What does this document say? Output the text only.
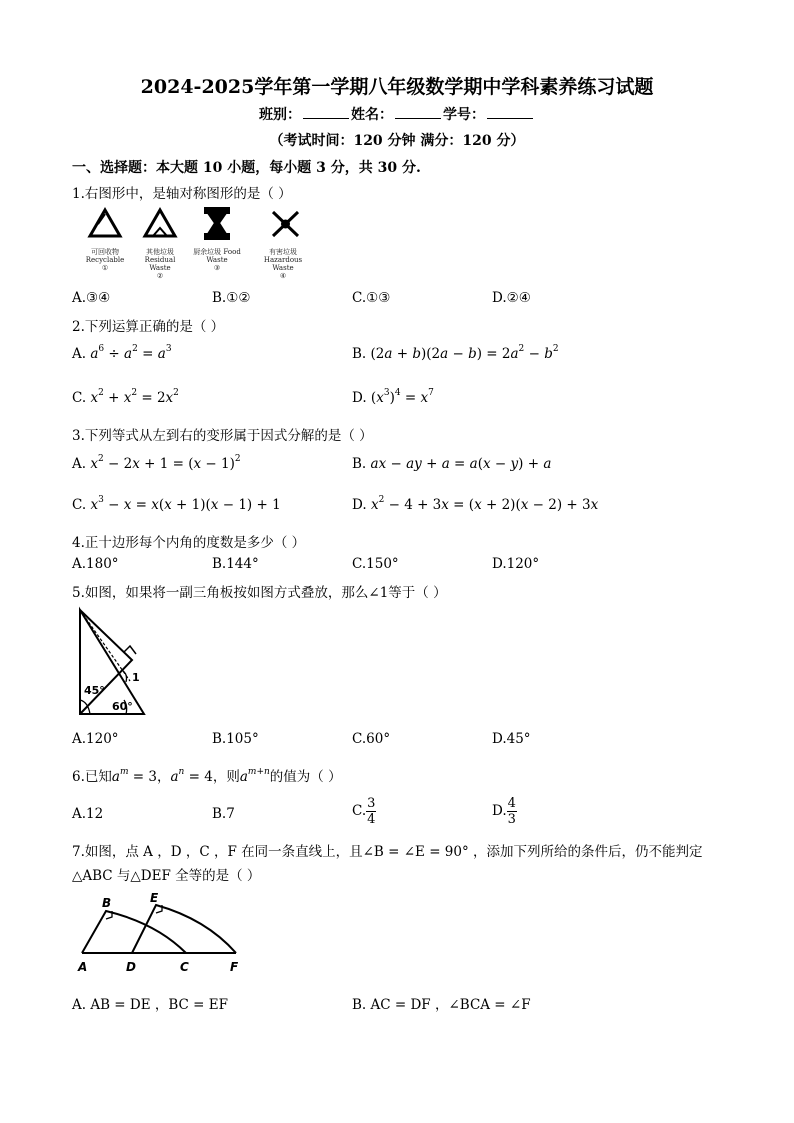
2024-2025学年第一学期八年级数学期中学科素养练习试题
班别：	姓名：	学号：
（考试时间：120 分钟 满分：120 分）
一、选择题：本大题 10 小题，每小题 3 分，共 30 分.
1.右图形中，是轴对称图形的是（ ）
可回收物 Recyclable
①
其他垃圾 Residual Waste
②
厨余垃圾 Food Waste
③
有害垃圾 Hazardous Waste
④
A.③④	B.①②	C.①③	D.②④
2.下列运算正确的是（ ）
A. $a^6 \div a^2 = a^3$	B. $(2a + b)(2a - b) = 2a^2 - b^2$
C. $x^2 + x^2 = 2x^2$	D. $(x^3)^4 = x^7$
3.下列等式从左到右的变形属于因式分解的是（ ）
A. $x^2 - 2x + 1 = (x - 1)^2$	B. ax − ay + a = a(x − y) + a
C. $x^3 - x = x(x + 1)(x - 1) + 1$	D. $x^2 - 4 + 3x = (x + 2)(x - 2) + 3x$
4.正十边形每个内角的度数是多少（ ）
A.180°	B.144°	C.150°	D.120°
5.如图，如果将一副三角板按如图方式叠放，那么∠1等于（ ）
45°
60°
1
A.120°	B.105°	C.60°	D.45°
6.已知$a^m = 3$，$a^n = 4$，则$a^{m+n}$的值为（ ）
A.12	B.7	C. $\frac{3}{4}$	D. $\frac{4}{3}$
7.如图，点 A ，D ，C ，F 在同一条直线上，且∠B = ∠E = 90° ，添加下列所给的条件后，仍不能判定
△ABC 与△DEF 全等的是（ ）
B	E
A	D	C	F
A. AB = DE ，BC = EF	B. AC = DF ，∠BCA = ∠F
